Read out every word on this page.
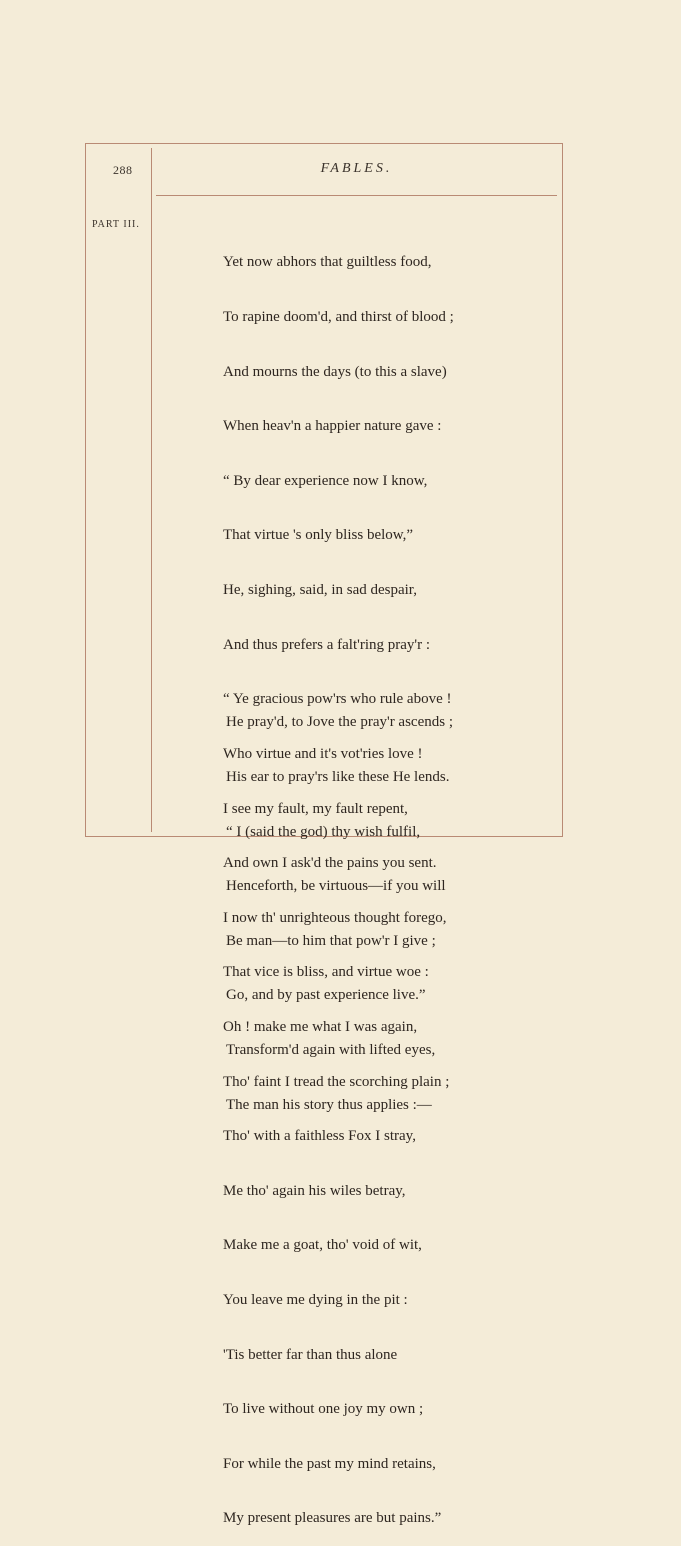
288	FABLES.
PART III.

Yet now abhors that guiltless food,

To rapine doom'd, and thirst of blood ;

And mourns the days (to this a slave)

When heav'n a happier nature gave :

“ By dear experience now I know,

That virtue 's only bliss below,”

He, sighing, said, in sad despair,

And thus prefers a falt'ring pray'r :

“ Ye gracious pow'rs who rule above !

Who virtue and it's vot'ries love !

I see my fault, my fault repent,

And own I ask'd the pains you sent.

I now th' unrighteous thought forego,

That vice is bliss, and virtue woe :

Oh ! make me what I was again,

Tho' faint I tread the scorching plain ;

Tho' with a faithless Fox I stray,

Me tho' again his wiles betray,

Make me a goat, tho' void of wit,

You leave me dying in the pit :

'Tis better far than thus alone

To live without one joy my own ;

For while the past my mind retains,

My present pleasures are but pains.”

He pray'd, to Jove the pray'r ascends ;

His ear to pray'rs like these He lends.

“ I (said the god) thy wish fulfil,

Henceforth, be virtuous—if you will

Be man—to him that pow'r I give ;

Go, and by past experience live.”

Transform'd again with lifted eyes,

The man his story thus applies :—
